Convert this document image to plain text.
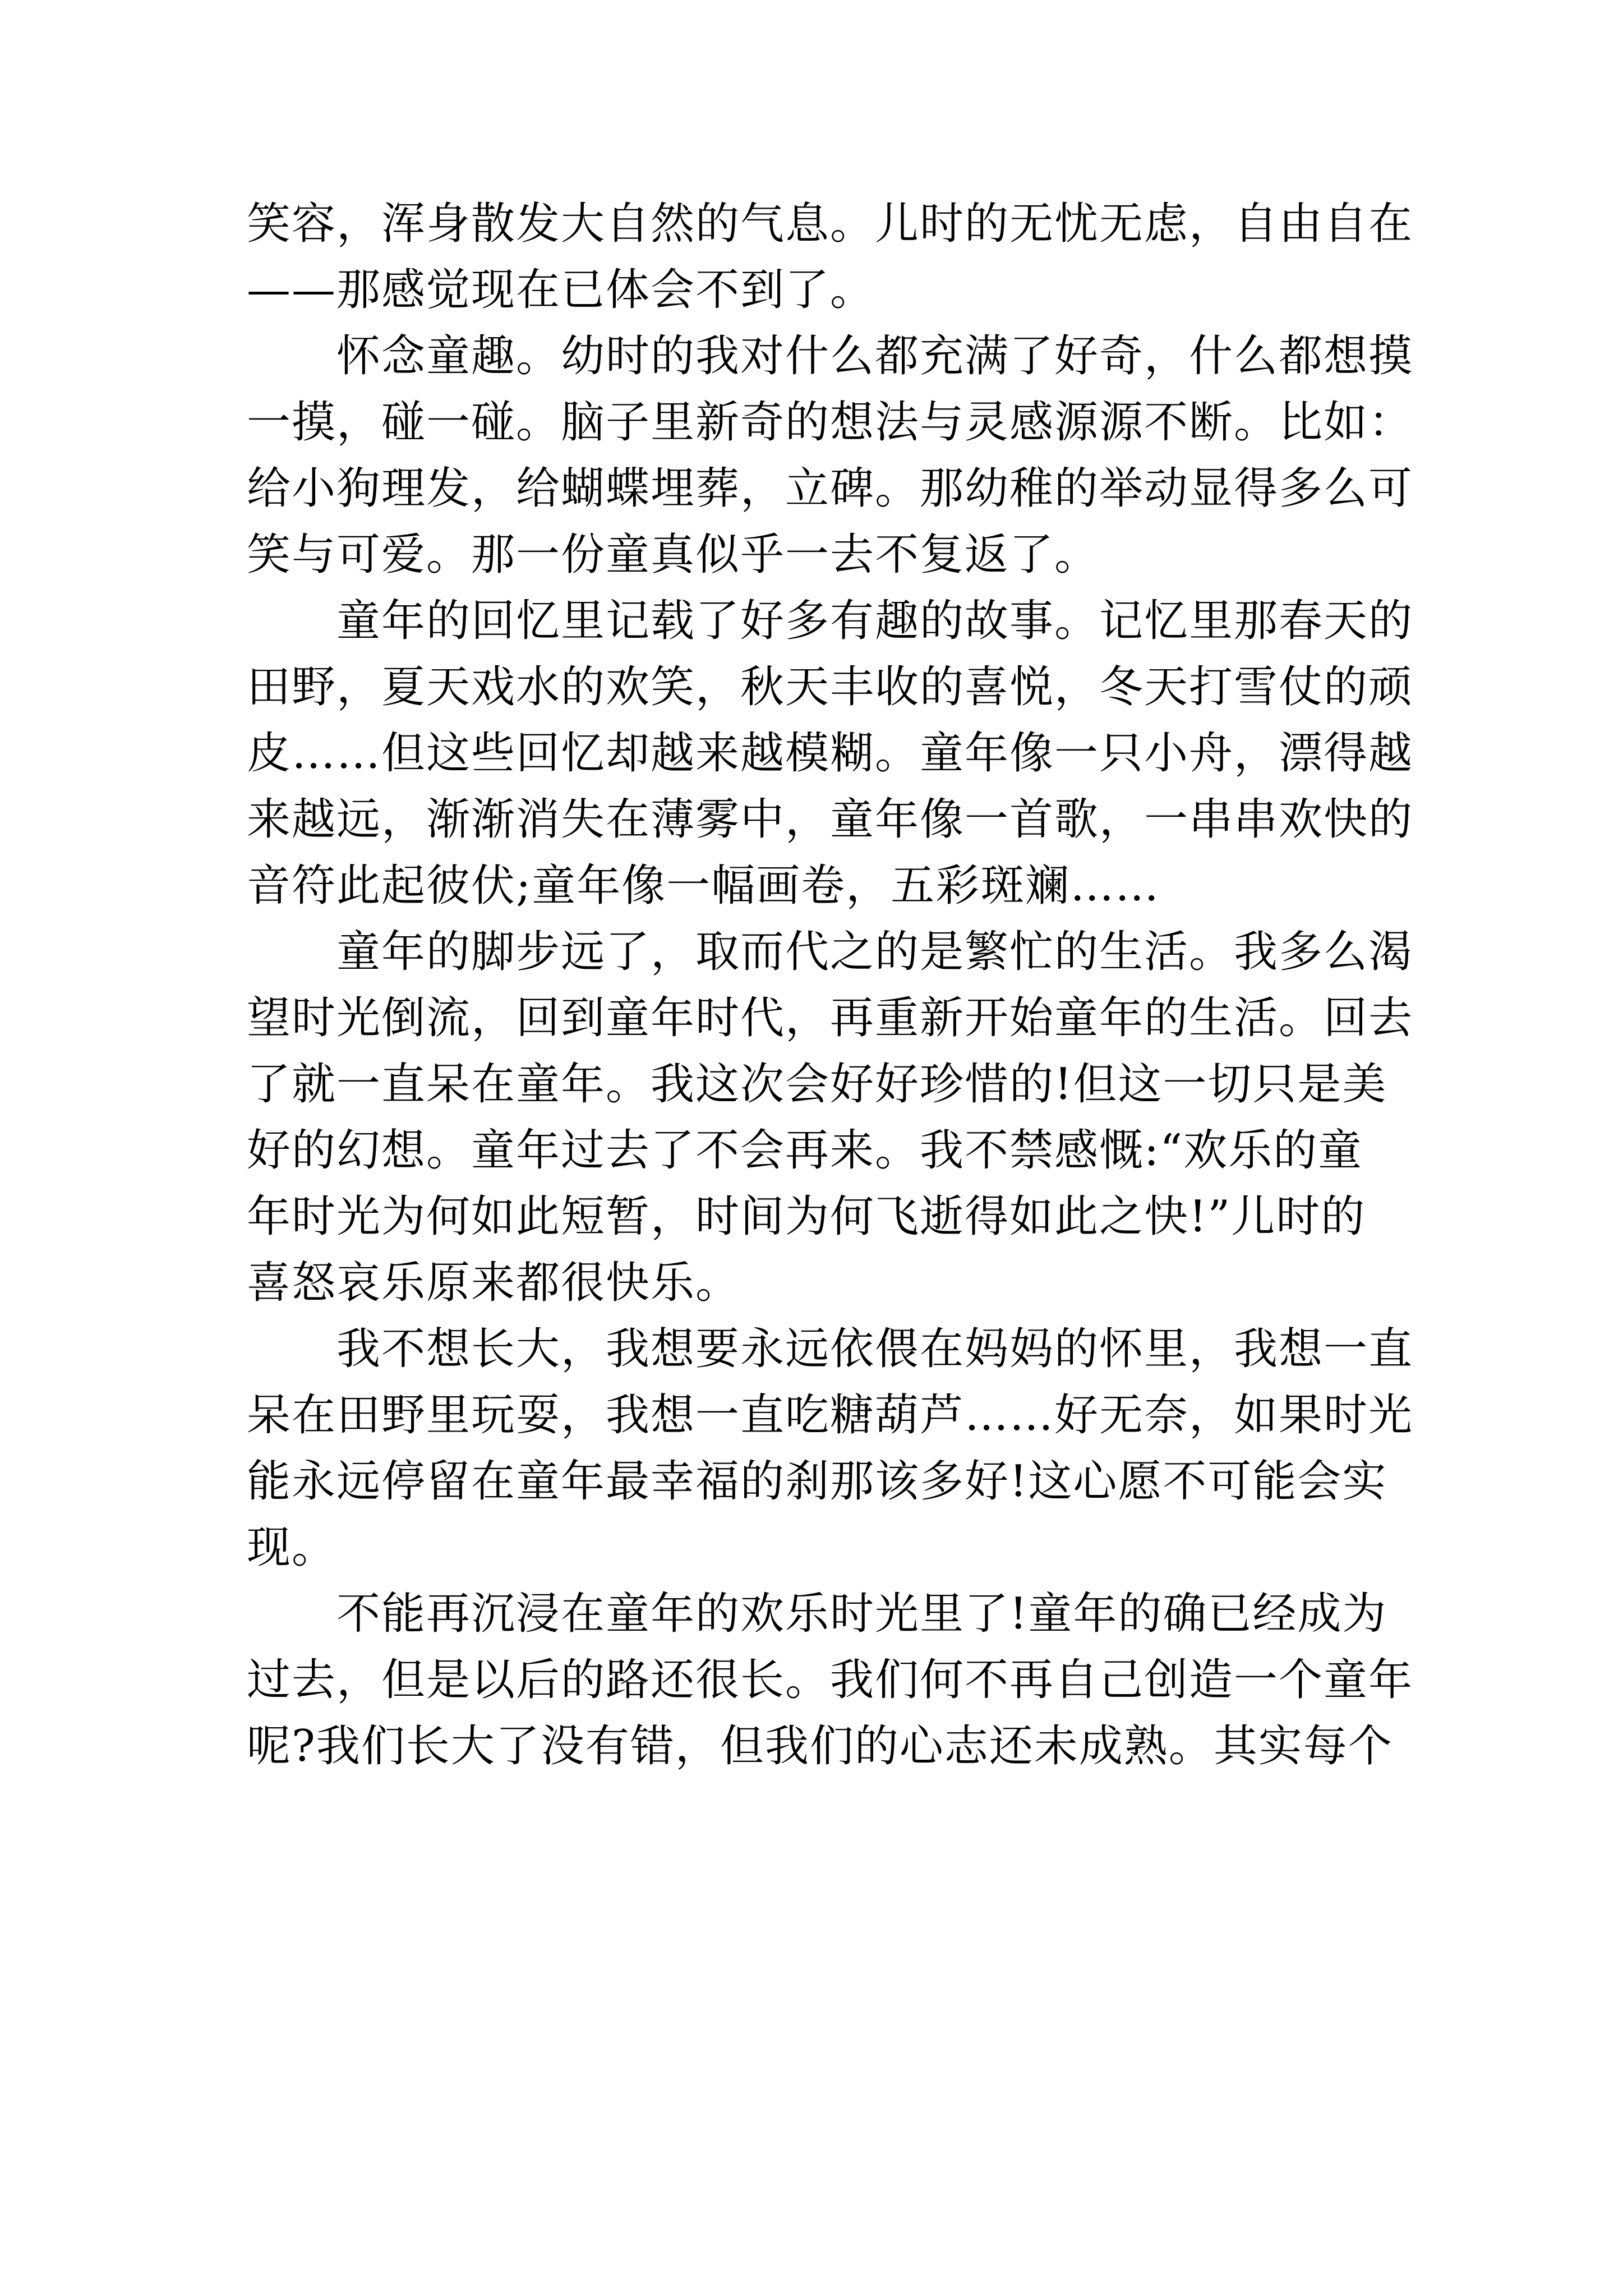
笑容，浑身散发大自然的气息。儿时的无忧无虑，自由自在
——那感觉现在已体会不到了。
怀念童趣。幼时的我对什么都充满了好奇，什么都想摸
一摸，碰一碰。脑子里新奇的想法与灵感源源不断。比如：
给小狗理发，给蝴蝶埋葬，立碑。那幼稚的举动显得多么可
笑与可爱。那一份童真似乎一去不复返了。
童年的回忆里记载了好多有趣的故事。记忆里那春天的
田野，夏天戏水的欢笑，秋天丰收的喜悦，冬天打雪仗的顽
皮……但这些回忆却越来越模糊。童年像一只小舟，漂得越
来越远，渐渐消失在薄雾中，童年像一首歌，一串串欢快的
音符此起彼伏;童年像一幅画卷，五彩斑斓……
童年的脚步远了，取而代之的是繁忙的生活。我多么渴
望时光倒流，回到童年时代，再重新开始童年的生活。回去
了就一直呆在童年。我这次会好好珍惜的!但这一切只是美
好的幻想。童年过去了不会再来。我不禁感慨:“欢乐的童
年时光为何如此短暂，时间为何飞逝得如此之快!”儿时的
喜怒哀乐原来都很快乐。
我不想长大，我想要永远依偎在妈妈的怀里，我想一直
呆在田野里玩耍，我想一直吃糖葫芦……好无奈，如果时光
能永远停留在童年最幸福的刹那该多好!这心愿不可能会实
现。
不能再沉浸在童年的欢乐时光里了!童年的确已经成为
过去，但是以后的路还很长。我们何不再自己创造一个童年
呢?我们长大了没有错，但我们的心志还未成熟。其实每个
